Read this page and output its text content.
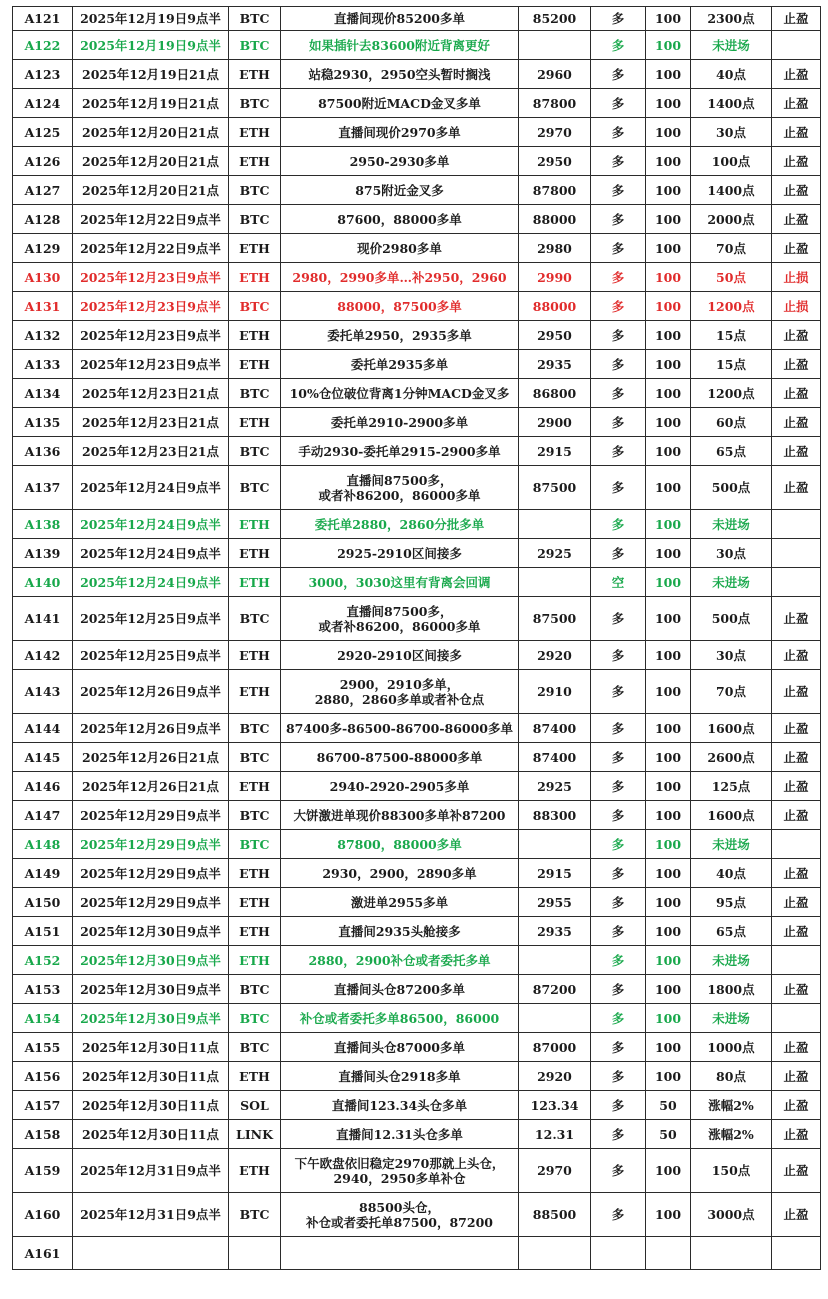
A121	2025年12月19日9点半	BTC	直播间现价85200多单	85200	多	100	2300点	止盈
A122	2025年12月19日9点半	BTC	如果插针去83600附近背离更好		多	100	未进场	
A123	2025年12月19日21点	ETH	站稳2930，2950空头暂时搁浅	2960	多	100	40点	止盈
A124	2025年12月19日21点	BTC	87500附近MACD金叉多单	87800	多	100	1400点	止盈
A125	2025年12月20日21点	ETH	直播间现价2970多单	2970	多	100	30点	止盈
A126	2025年12月20日21点	ETH	2950-2930多单	2950	多	100	100点	止盈
A127	2025年12月20日21点	BTC	875附近金叉多	87800	多	100	1400点	止盈
A128	2025年12月22日9点半	BTC	87600，88000多单	88000	多	100	2000点	止盈
A129	2025年12月22日9点半	ETH	现价2980多单	2980	多	100	70点	止盈
A130	2025年12月23日9点半	ETH	2980，2990多单…补2950，2960	2990	多	100	50点	止损
A131	2025年12月23日9点半	BTC	88000，87500多单	88000	多	100	1200点	止损
A132	2025年12月23日9点半	ETH	委托单2950，2935多单	2950	多	100	15点	止盈
A133	2025年12月23日9点半	ETH	委托单2935多单	2935	多	100	15点	止盈
A134	2025年12月23日21点	BTC	10%仓位破位背离1分钟MACD金叉多	86800	多	100	1200点	止盈
A135	2025年12月23日21点	ETH	委托单2910-2900多单	2900	多	100	60点	止盈
A136	2025年12月23日21点	BTC	手动2930-委托单2915-2900多单	2915	多	100	65点	止盈
A137	2025年12月24日9点半	BTC	直播间87500多，
或者补86200，86000多单	87500	多	100	500点	止盈
A138	2025年12月24日9点半	ETH	委托单2880，2860分批多单		多	100	未进场	
A139	2025年12月24日9点半	ETH	2925-2910区间接多	2925	多	100	30点	
A140	2025年12月24日9点半	ETH	3000，3030这里有背离会回调		空	100	未进场	
A141	2025年12月25日9点半	BTC	直播间87500多，
或者补86200，86000多单	87500	多	100	500点	止盈
A142	2025年12月25日9点半	ETH	2920-2910区间接多	2920	多	100	30点	止盈
A143	2025年12月26日9点半	ETH	2900，2910多单，
2880，2860多单或者补仓点	2910	多	100	70点	止盈
A144	2025年12月26日9点半	BTC	87400多-86500-86700-86000多单	87400	多	100	1600点	止盈
A145	2025年12月26日21点	BTC	86700-87500-88000多单	87400	多	100	2600点	止盈
A146	2025年12月26日21点	ETH	2940-2920-2905多单	2925	多	100	125点	止盈
A147	2025年12月29日9点半	BTC	大饼激进单现价88300多单补87200	88300	多	100	1600点	止盈
A148	2025年12月29日9点半	BTC	87800，88000多单		多	100	未进场	
A149	2025年12月29日9点半	ETH	2930，2900，2890多单	2915	多	100	40点	止盈
A150	2025年12月29日9点半	ETH	激进单2955多单	2955	多	100	95点	止盈
A151	2025年12月30日9点半	ETH	直播间2935头舱接多	2935	多	100	65点	止盈
A152	2025年12月30日9点半	ETH	2880，2900补仓或者委托多单		多	100	未进场	
A153	2025年12月30日9点半	BTC	直播间头仓87200多单	87200	多	100	1800点	止盈
A154	2025年12月30日9点半	BTC	补仓或者委托多单86500，86000		多	100	未进场	
A155	2025年12月30日11点	BTC	直播间头仓87000多单	87000	多	100	1000点	止盈
A156	2025年12月30日11点	ETH	直播间头仓2918多单	2920	多	100	80点	止盈
A157	2025年12月30日11点	SOL	直播间123.34头仓多单	123.34	多	50	涨幅2%	止盈
A158	2025年12月30日11点	LINK	直播间12.31头仓多单	12.31	多	50	涨幅2%	止盈
A159	2025年12月31日9点半	ETH	下午欧盘依旧稳定2970那就上头仓，
2940，2950多单补仓	2970	多	100	150点	止盈
A160	2025年12月31日9点半	BTC	88500头仓，
补仓或者委托单87500，87200	88500	多	100	3000点	止盈
A161			
